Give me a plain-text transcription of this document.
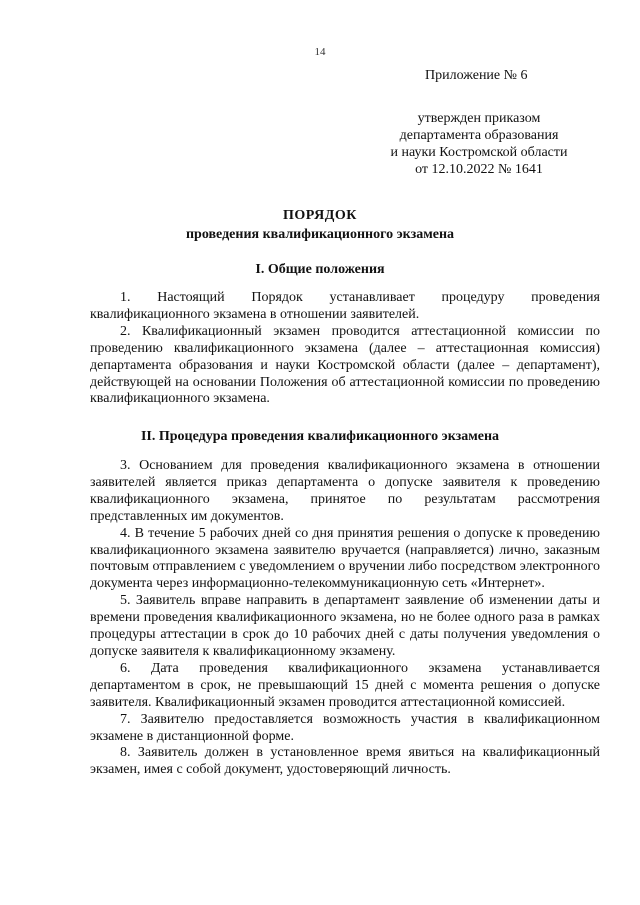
14
Приложение № 6
утвержден приказом
департамента образования
и науки Костромской области
от 12.10.2022 № 1641
ПОРЯДОК
проведения квалификационного экзамена
I. Общие положения

1. Настоящий Порядок устанавливает процедуру проведения квалификационного экзамена в отношении заявителей.

2. Квалификационный экзамен проводится аттестационной комиссии по проведению квалификационного экзамена (далее – аттестационная комиссия) департамента образования и науки Костромской области (далее – департамент), действующей на основании Положения об аттестационной комиссии по проведению квалификационного экзамена.

II. Процедура проведения квалификационного экзамена

3. Основанием для проведения квалификационного экзамена в отношении заявителей является приказ департамента о допуске заявителя к проведению квалификационного экзамена, принятое по результатам рассмотрения представленных им документов.

4. В течение 5 рабочих дней со дня принятия решения о допуске к проведению квалификационного экзамена заявителю вручается (направляется) лично, заказным почтовым отправлением с уведомлением о вручении либо посредством электронного документа через информационно-телекоммуникационную сеть «Интернет».

5. Заявитель вправе направить в департамент заявление об изменении даты и времени проведения квалификационного экзамена, но не более одного раза в рамках процедуры аттестации в срок до 10 рабочих дней с даты получения уведомления о допуске заявителя к квалификационному экзамену.

6. Дата проведения квалификационного экзамена устанавливается департаментом в срок, не превышающий 15 дней с момента решения о допуске заявителя. Квалификационный экзамен проводится аттестационной комиссией.

7. Заявителю предоставляется возможность участия в квалификационном экзамене в дистанционной форме.

8. Заявитель должен в установленное время явиться на квалификационный экзамен, имея с собой документ, удостоверяющий личность.
